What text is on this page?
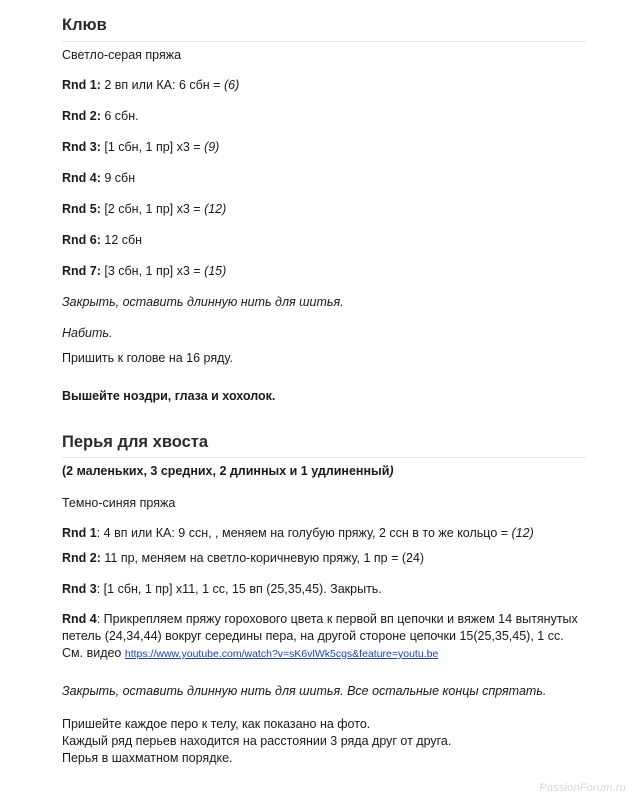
Клюв
Светло-серая пряжа
Rnd 1: 2 вп или КА: 6 сбн = (6)
Rnd 2: 6 сбн.
Rnd 3: [1 сбн, 1 пр] x3 = (9)
Rnd 4: 9 сбн
Rnd 5: [2 сбн, 1 пр] x3 = (12)
Rnd 6: 12 сбн
Rnd 7: [3 сбн, 1 пр] x3 = (15)
Закрыть, оставить длинную нить для шитья.
Набить.
Пришить к голове на 16 ряду.
Вышейте ноздри, глаза и хохолок.
Перья для хвоста
(2 маленьких, 3 средних, 2 длинных и 1 удлиненный)
Темно-синяя пряжа
Rnd 1: 4 вп или КА: 9 ссн, , меняем на голубую пряжу, 2 ссн в то же кольцо = (12)
Rnd 2: 11 пр, меняем на светло-коричневую пряжу, 1 пр = (24)
Rnd 3: [1 сбн, 1 пр] x11, 1 сс, 15 вп (25,35,45). Закрыть.
Rnd 4: Прикрепляем пряжу горохового цвета к первой вп цепочки и вяжем 14 вытянутых
петель (24,34,44) вокруг середины пера, на другой стороне цепочки 15(25,35,45), 1 сс.
См. видео https://www.youtube.com/watch?v=sK6vlWk5cgs&feature=youtu.be
Закрыть, оставить длинную нить для шитья. Все остальные концы спрятать.
Пришейте каждое перо к телу, как показано на фото.
Каждый ряд перьев находится на расстоянии 3 ряда друг от друга.
Перья в шахматном порядке.
PassionForum.ru
